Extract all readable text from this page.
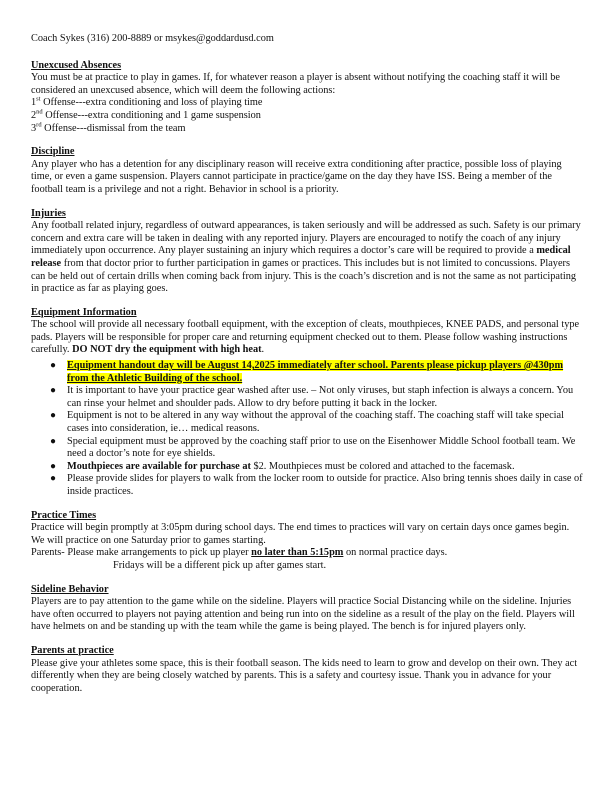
Coach Sykes (316) 200-8889 or msykes@goddardusd.com

Unexcused Absences

You must be at practice to play in games. If, for whatever reason a player is absent without notifying the coaching staff it will be considered an unexcused absence, which will deem the following actions:

1st Offense---extra conditioning and loss of playing time

2nd Offense---extra conditioning and 1 game suspension

3rd Offense---dismissal from the team

Discipline

Any player who has a detention for any disciplinary reason will receive extra conditioning after practice, possible loss of playing time, or even a game suspension. Players cannot participate in practice/game on the day they have ISS. Being a member of the football team is a privilege and not a right. Behavior in school is a priority.

Injuries

Any football related injury, regardless of outward appearances, is taken seriously and will be addressed as such. Safety is our primary concern and extra care will be taken in dealing with any reported injury. Players are encouraged to notify the coach of any injury immediately upon occurrence. Any player sustaining an injury which requires a doctor’s care will be required to provide a medical release from that doctor prior to further participation in games or practices. This includes but is not limited to concussions. Players can be held out of certain drills when coming back from injury. This is the coach’s discretion and is not the same as not participating in practice as far as playing goes.

Equipment Information

The school will provide all necessary football equipment, with the exception of cleats, mouthpieces, KNEE PADS, and personal type pads. Players will be responsible for proper care and returning equipment checked out to them. Please follow washing instructions carefully. DO NOT dry the equipment with high heat.

● Equipment handout day will be August 14,2025 immediately after school. Parents please pickup players @430pm from the Athletic Building of the school.
● It is important to have your practice gear washed after use. – Not only viruses, but staph infection is always a concern. You can rinse your helmet and shoulder pads. Allow to dry before putting it back in the locker.
● Equipment is not to be altered in any way without the approval of the coaching staff. The coaching staff will take special cases into consideration, ie… medical reasons.
● Special equipment must be approved by the coaching staff prior to use on the Eisenhower Middle School football team. We need a doctor’s note for eye shields.
● Mouthpieces are available for purchase at $2. Mouthpieces must be colored and attached to the facemask.
● Please provide slides for players to walk from the locker room to outside for practice. Also bring tennis shoes daily in case of inside practices.

Practice Times

Practice will begin promptly at 3:05pm during school days. The end times to practices will vary on certain days once games begin. We will practice on one Saturday prior to games starting.

Parents- Please make arrangements to pick up player no later than 5:15pm on normal practice days.

Fridays will be a different pick up after games start.

Sideline Behavior

Players are to pay attention to the game while on the sideline. Players will practice Social Distancing while on the sideline. Injuries have often occurred to players not paying attention and being run into on the sideline as a result of the play on the field. Players will have helmets on and be standing up with the team while the game is being played. The bench is for injured players only.

Parents at practice

Please give your athletes some space, this is their football season. The kids need to learn to grow and develop on their own. They act differently when they are being closely watched by parents. This is a safety and courtesy issue. Thank you in advance for your cooperation.
